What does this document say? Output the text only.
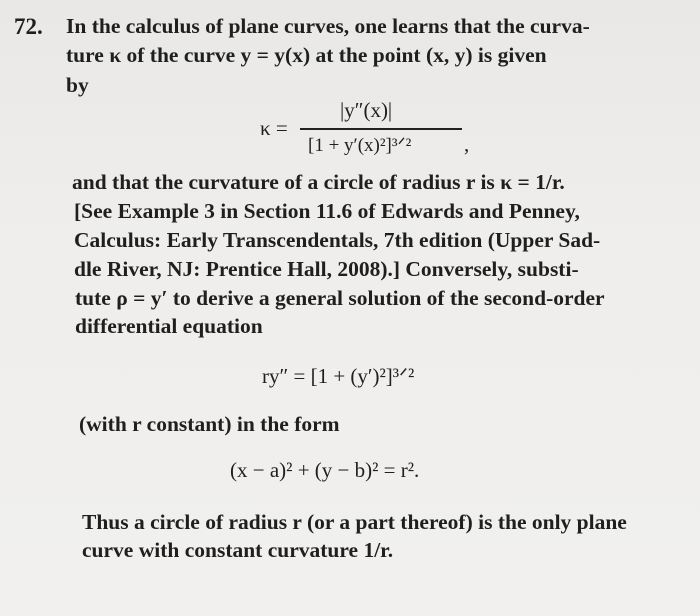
72. In the calculus of plane curves, one learns that the curva-
ture κ of the curve y = y(x) at the point (x, y) is given
by
κ =
|y″(x)|
[1 + y′(x)²]³ᐟ²	,
and that the curvature of a circle of radius r is κ = 1/r.
[See Example 3 in Section 11.6 of Edwards and Penney,
Calculus: Early Transcendentals, 7th edition (Upper Sad-
dle River, NJ: Prentice Hall, 2008).] Conversely, substi-
tute ρ = y′ to derive a general solution of the second-order
differential equation
ry″ = [1 + (y′)²]³ᐟ²
(with r constant) in the form
(x − a)² + (y − b)² = r².
Thus a circle of radius r (or a part thereof) is the only plane
curve with constant curvature 1/r.
